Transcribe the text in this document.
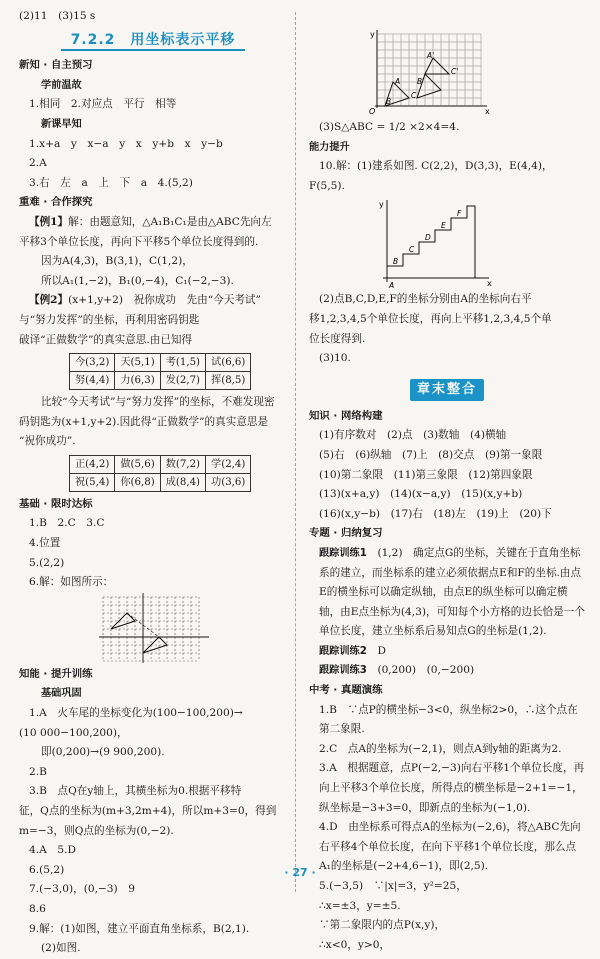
(2)11　(3)15 s

7.2.2　用坐标表示平移

新知 · 自主预习

学前温故

1.相同　2.对应点　平行　相等

新课早知

1.x+a　y　x−a　y　x　y+b　x　y−b

2.A

3.右　左　a　上　下　a　4.(5,2)

重难 · 合作探究

【例1】解：由题意知，△A₁B₁C₁是由△ABC先向左

平移3个单位长度，再向下平移5个单位长度得到的.

因为A(4,3)，B(3,1)，C(1,2)，

所以A₁(1,−2)，B₁(0,−4)，C₁(−2,−3).

【例2】(x+1,y+2)　祝你成功　先由“今天考试”

与“努力发挥”的坐标，再利用密码钥匙

破译“正做数学”的真实意思.由已知得

今(3,2)	天(5,1)	考(1,5)	试(6,6)
努(4,4)	力(6,3)	发(2,7)	挥(8,5)

比较“今天考试”与“努力发挥”的坐标，不难发现密

码钥匙为(x+1,y+2).因此得“正做数学”的真实意思是

“祝你成功”.

正(4,2)	做(5,6)	数(7,2)	学(2,4)
祝(5,4)	你(6,8)	成(8,4)	功(3,6)

基础 · 限时达标

1.B　2.C　3.C

4.位置

5.(2,2)

6.解：如图所示：

知能 · 提升训练

基础巩固

1.A　火车尾的坐标变化为(100−100,200)→

(10 000−100,200)，

即(0,200)→(9 900,200).

2.B

3.B　点Q在y轴上，其横坐标为0.根据平移特

征，Q点的坐标为(m+3,2m+4)，所以m+3=0，得到

m=−3，则Q点的坐标为(0,−2).

4.A　5.D

6.(5,2)

7.(−3,0)，(0,−3)　9

8.6

9.解：(1)如图，建立平面直角坐标系，B(2,1).

(2)如图.

y
x
O
A
B
C
A'
B'
C'

(3)S△ABC = 1/2 ×2×4=4.

能力提升

10.解：(1)建系如图. C(2,2)，D(3,3)，E(4,4)，

F(5,5).

y
x
A
B
C
D
E
F

(2)点B,C,D,E,F的坐标分别由A的坐标向右平

移1,2,3,4,5个单位长度，再向上平移1,2,3,4,5个单

位长度得到.

(3)10.

章末整合

知识 · 网络构建

(1)有序数对　(2)点　(3)数轴　(4)横轴

(5)右　(6)纵轴　(7)上　(8)交点　(9)第一象限

(10)第二象限　(11)第三象限　(12)第四象限

(13)(x+a,y)　(14)(x−a,y)　(15)(x,y+b)

(16)(x,y−b)　(17)右　(18)左　(19)上　(20)下

专题 · 归纳复习

跟踪训练1　 (1,2)　确定点G的坐标，关键在于直角坐标系的建立，而坐标系的建立必须依据点E和F的坐标.由点E的横坐标可以确定纵轴，由点E的纵坐标可以确定横轴，由E点坐标为(4,3)，可知每个小方格的边长恰是一个单位长度，建立坐标系后易知点G的坐标是(1,2).

跟踪训练2　 D

跟踪训练3　 (0,200)　(0,−200)

中考 · 真题演练

1.B　∵点P的横坐标−3<0，纵坐标2>0，∴这个点在第二象限.

2.C　点A的坐标为(−2,1)，则点A到y轴的距离为2.

3.A　根据题意，点P(−2,−3)向右平移1个单位长度，再向上平移3个单位长度，所得点的横坐标是−2+1=−1，纵坐标是−3+3=0，即新点的坐标为(−1,0).

4.D　由坐标系可得点A的坐标为(−2,6)，将△ABC先向右平移4个单位长度，在向下平移1个单位长度，那么点A₁的坐标是(−2+4,6−1)，即(2,5).

5.(−3,5)　∵|x|=3，y²=25，

∴x=±3，y=±5.

∵第二象限内的点P(x,y)，

∴x<0，y>0，

· 27 ·
